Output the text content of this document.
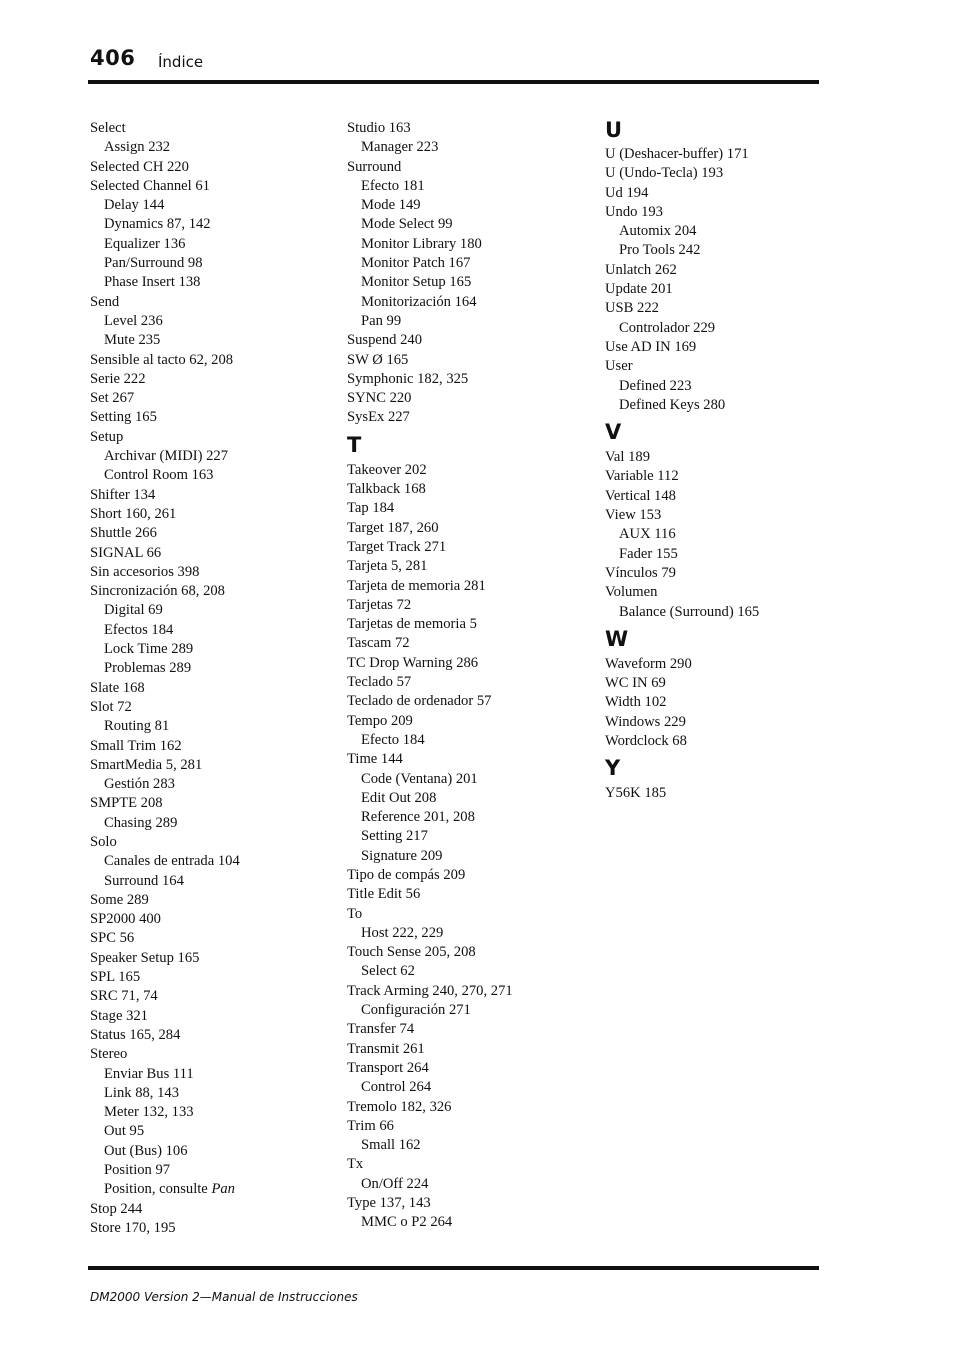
406 Índice
Select
Assign 232
Selected CH 220
Selected Channel 61
Delay 144
Dynamics 87, 142
Equalizer 136
Pan/Surround 98
Phase Insert 138
Send
Level 236
Mute 235
Sensible al tacto 62, 208
Serie 222
Set 267
Setting 165
Setup
Archivar (MIDI) 227
Control Room 163
Shifter 134
Short 160, 261
Shuttle 266
SIGNAL 66
Sin accesorios 398
Sincronización 68, 208
Digital 69
Efectos 184
Lock Time 289
Problemas 289
Slate 168
Slot 72
Routing 81
Small Trim 162
SmartMedia 5, 281
Gestión 283
SMPTE 208
Chasing 289
Solo
Canales de entrada 104
Surround 164
Some 289
SP2000 400
SPC 56
Speaker Setup 165
SPL 165
SRC 71, 74
Stage 321
Status 165, 284
Stereo
Enviar Bus 111
Link 88, 143
Meter 132, 133
Out 95
Out (Bus) 106
Position 97
Position, consulte Pan
Stop 244
Store 170, 195
Studio 163
Manager 223
Surround
Efecto 181
Mode 149
Mode Select 99
Monitor Library 180
Monitor Patch 167
Monitor Setup 165
Monitorización 164
Pan 99
Suspend 240
SW Ø 165
Symphonic 182, 325
SYNC 220
SysEx 227
T
Takeover 202
Talkback 168
Tap 184
Target 187, 260
Target Track 271
Tarjeta 5, 281
Tarjeta de memoria 281
Tarjetas 72
Tarjetas de memoria 5
Tascam 72
TC Drop Warning 286
Teclado 57
Teclado de ordenador 57
Tempo 209
Efecto 184
Time 144
Code (Ventana) 201
Edit Out 208
Reference 201, 208
Setting 217
Signature 209
Tipo de compás 209
Title Edit 56
To
Host 222, 229
Touch Sense 205, 208
Select 62
Track Arming 240, 270, 271
Configuración 271
Transfer 74
Transmit 261
Transport 264
Control 264
Tremolo 182, 326
Trim 66
Small 162
Tx
On/Off 224
Type 137, 143
MMC o P2 264
U
U (Deshacer-buffer) 171
U (Undo-Tecla) 193
Ud 194
Undo 193
Automix 204
Pro Tools 242
Unlatch 262
Update 201
USB 222
Controlador 229
Use AD IN 169
User
Defined 223
Defined Keys 280
V
Val 189
Variable 112
Vertical 148
View 153
AUX 116
Fader 155
Vínculos 79
Volumen
Balance (Surround) 165
W
Waveform 290
WC IN 69
Width 102
Windows 229
Wordclock 68
Y
Y56K 185
DM2000 Version 2—Manual de Instrucciones
